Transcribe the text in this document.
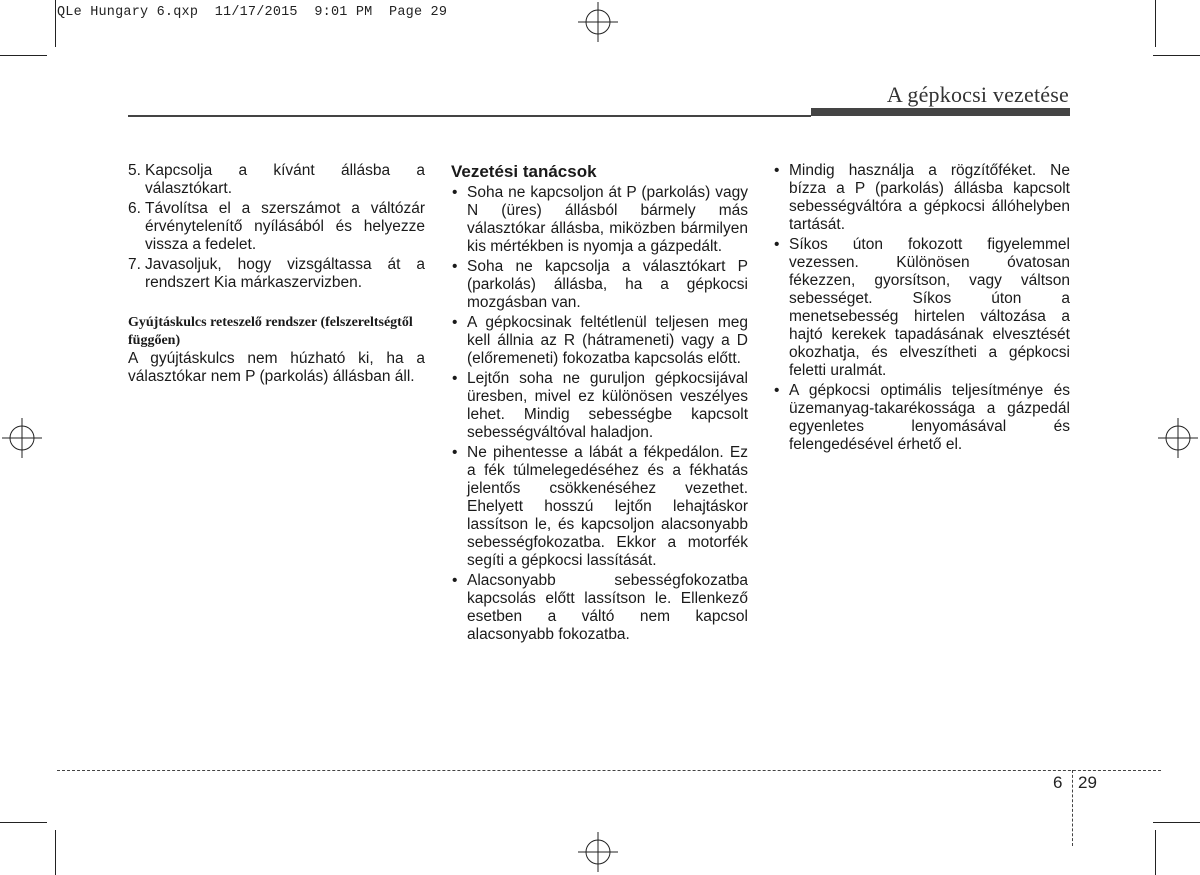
QLe Hungary 6.qxp  11/17/2015  9:01 PM  Page 29
A gépkocsi vezetése
5. Kapcsolja a kívánt állásba a választókart.
6. Távolítsa el a szerszámot a váltózár érvénytelenítő nyílásából és helyezze vissza a fedelet.
7. Javasoljuk, hogy vizsgáltassa át a rendszert Kia márkaszervizben.

Gyújtáskulcs reteszelő rendszer (felszereltségtől függően)

A gyújtáskulcs nem húzható ki, ha a választókar nem P (parkolás) állásban áll.

Vezetési tanácsok

• Soha ne kapcsoljon át P (parkolás) vagy N (üres) állásból bármely más választókar állásba, miközben bármilyen kis mértékben is nyomja a gázpedált.
• Soha ne kapcsolja a választókart P (parkolás) állásba, ha a gépkocsi mozgásban van.
• A gépkocsinak feltétlenül teljesen meg kell állnia az R (hátrameneti) vagy a D (előremeneti) fokozatba kapcsolás előtt.
• Lejtőn soha ne guruljon gépkocsijával üresben, mivel ez különösen veszélyes lehet. Mindig sebességbe kapcsolt sebességváltóval haladjon.
• Ne pihentesse a lábát a fékpedálon. Ez a fék túlmelegedéséhez és a fékhatás jelentős csökkenéséhez vezethet. Ehelyett hosszú lejtőn lehajtáskor lassítson le, és kapcsoljon alacsonyabb sebességfokozatba. Ekkor a motorfék segíti a gépkocsi lassítását.
• Alacsonyabb sebességfokozatba kapcsolás előtt lassítson le. Ellenkező esetben a váltó nem kapcsol alacsonyabb fokozatba.
• Mindig használja a rögzítőféket. Ne bízza a P (parkolás) állásba kapcsolt sebességváltóra a gépkocsi állóhelyben tartását.
• Síkos úton fokozott figyelemmel vezessen. Különösen óvatosan fékezzen, gyorsítson, vagy váltson sebességet. Síkos úton a menetsebesség hirtelen változása a hajtó kerekek tapadásának elvesztését okozhatja, és elveszítheti a gépkocsi feletti uralmát.
• A gépkocsi optimális teljesítménye és üzemanyag-takarékossága a gázpedál egyenletes lenyomásával és felengedésével érhető el.
6 29
